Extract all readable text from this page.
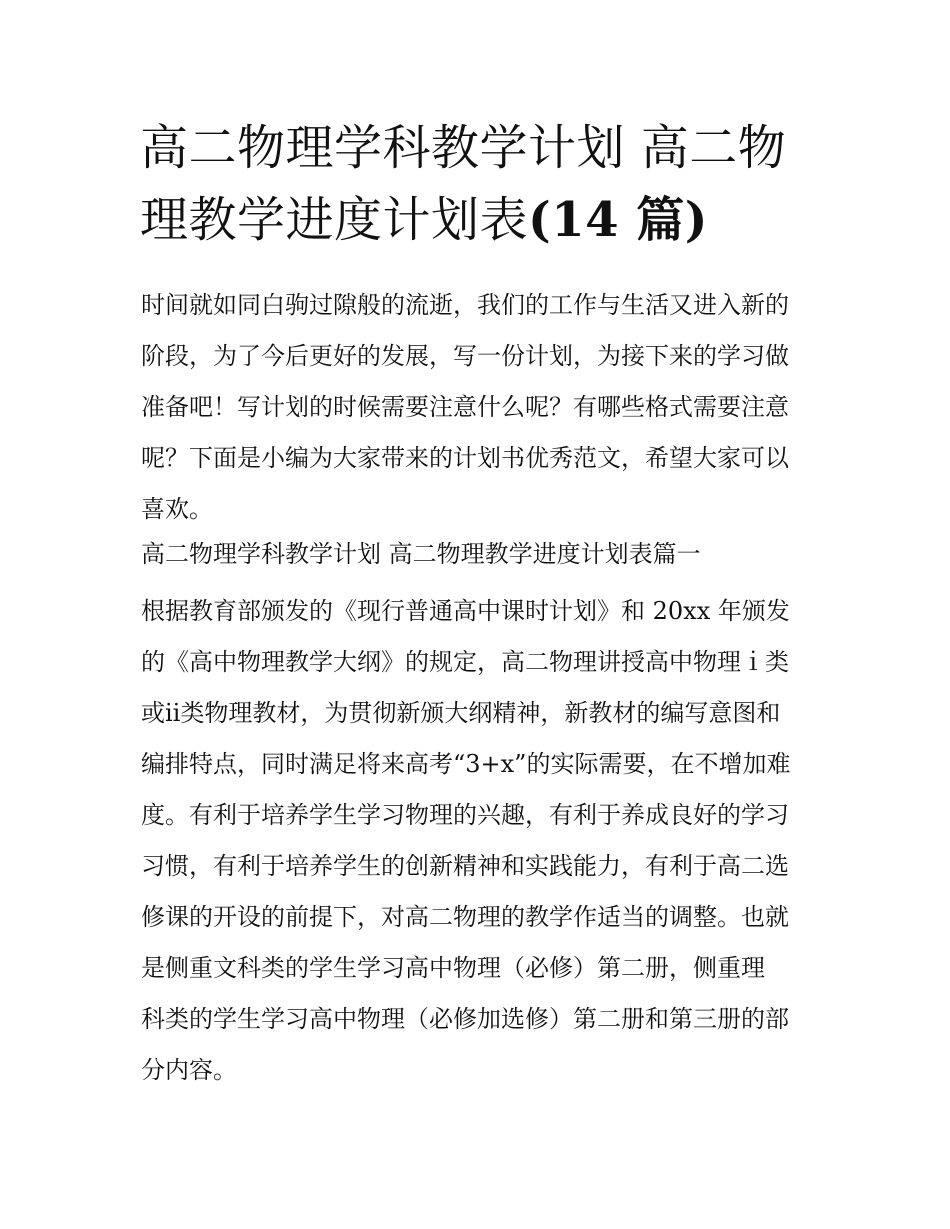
高二物理学科教学计划 高二物
理教学进度计划表(14 篇)
时间就如同白驹过隙般的流逝，我们的工作与生活又进入新的
阶段，为了今后更好的发展，写一份计划，为接下来的学习做
准备吧！写计划的时候需要注意什么呢？有哪些格式需要注意
呢？下面是小编为大家带来的计划书优秀范文，希望大家可以
喜欢。
高二物理学科教学计划 高二物理教学进度计划表篇一
根据教育部颁发的《现行普通高中课时计划》和 20xx 年颁发
的《高中物理教学大纲》的规定，高二物理讲授高中物理ｉ类
或ⅱ类物理教材，为贯彻新颁大纲精神，新教材的编写意图和
编排特点，同时满足将来高考“3+x”的实际需要，在不增加难
度。有利于培养学生学习物理的兴趣，有利于养成良好的学习
习惯，有利于培养学生的创新精神和实践能力，有利于高二选
修课的开设的前提下，对高二物理的教学作适当的调整。也就
是侧重文科类的学生学习高中物理（必修）第二册，侧重理
科类的学生学习高中物理（必修加选修）第二册和第三册的部
分内容。
